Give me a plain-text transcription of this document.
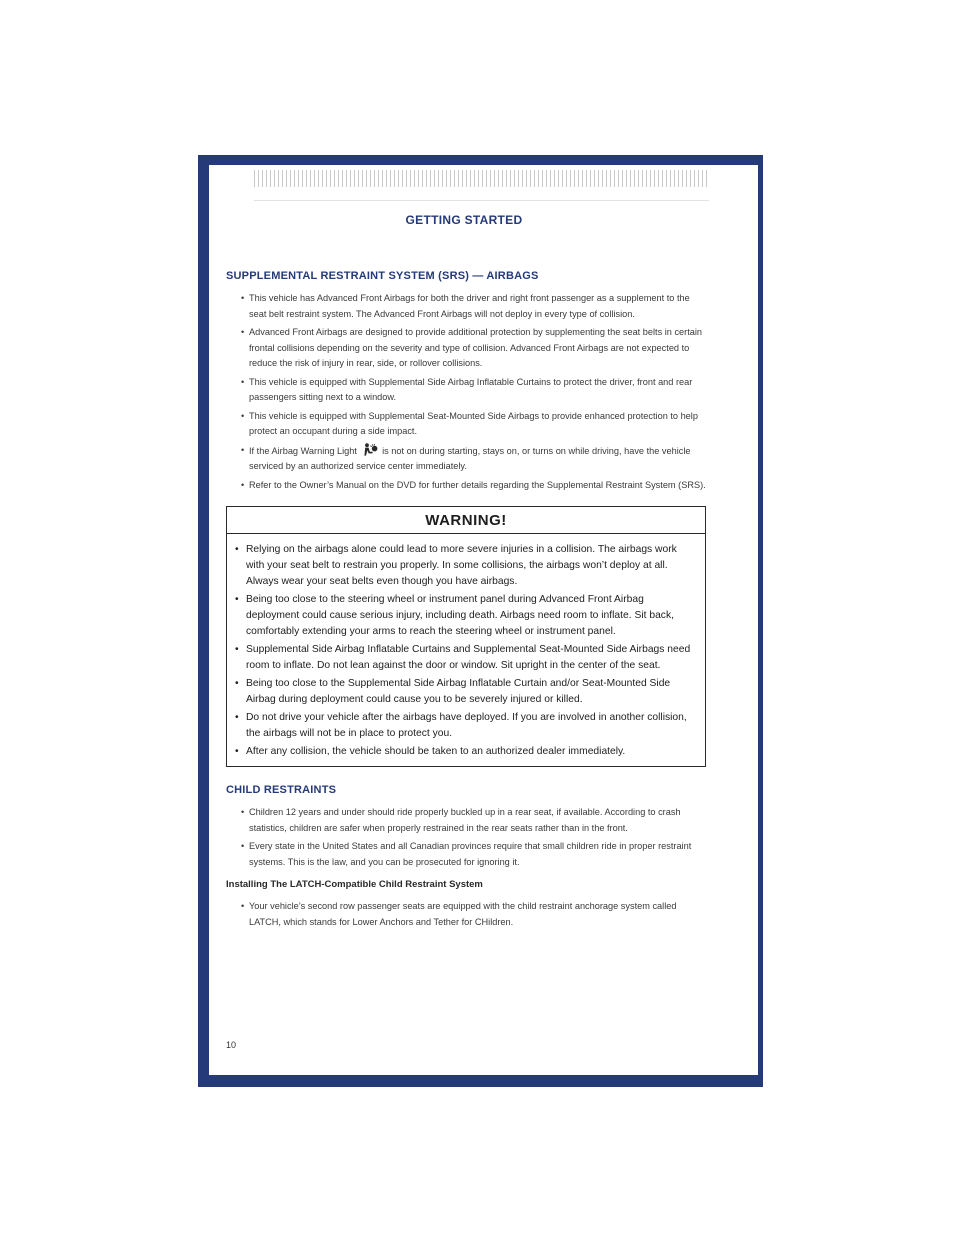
GETTING STARTED
SUPPLEMENTAL RESTRAINT SYSTEM (SRS) — AIRBAGS
• This vehicle has Advanced Front Airbags for both the driver and right front passenger as a supplement to the seat belt restraint system. The Advanced Front Airbags will not deploy in every type of collision.
• Advanced Front Airbags are designed to provide additional protection by supplementing the seat belts in certain frontal collisions depending on the severity and type of collision. Advanced Front Airbags are not expected to reduce the risk of injury in rear, side, or rollover collisions.
• This vehicle is equipped with Supplemental Side Airbag Inflatable Curtains to protect the driver, front and rear passengers sitting next to a window.
• This vehicle is equipped with Supplemental Seat-Mounted Side Airbags to provide enhanced protection to help protect an occupant during a side impact.
• If the Airbag Warning Light	is not on during starting, stays on, or turns on while driving, have the vehicle serviced by an authorized service center immediately.
• Refer to the Owner’s Manual on the DVD for further details regarding the Supplemental Restraint System (SRS).
WARNING!
• Relying on the airbags alone could lead to more severe injuries in a collision. The airbags work with your seat belt to restrain you properly. In some collisions, the airbags won’t deploy at all. Always wear your seat belts even though you have airbags.
• Being too close to the steering wheel or instrument panel during Advanced Front Airbag deployment could cause serious injury, including death. Airbags need room to inflate. Sit back, comfortably extending your arms to reach the steering wheel or instrument panel.
• Supplemental Side Airbag Inflatable Curtains and Supplemental Seat-Mounted Side Airbags need room to inflate. Do not lean against the door or window. Sit upright in the center of the seat.
• Being too close to the Supplemental Side Airbag Inflatable Curtain and/or Seat-Mounted Side Airbag during deployment could cause you to be severely injured or killed.
• Do not drive your vehicle after the airbags have deployed. If you are involved in another collision, the airbags will not be in place to protect you.
• After any collision, the vehicle should be taken to an authorized dealer immediately.
CHILD RESTRAINTS
• Children 12 years and under should ride properly buckled up in a rear seat, if available. According to crash statistics, children are safer when properly restrained in the rear seats rather than in the front.
• Every state in the United States and all Canadian provinces require that small children ride in proper restraint systems. This is the law, and you can be prosecuted for ignoring it.
Installing The LATCH-Compatible Child Restraint System
• Your vehicle’s second row passenger seats are equipped with the child restraint anchorage system called LATCH, which stands for Lower Anchors and Tether for CHildren.
10
